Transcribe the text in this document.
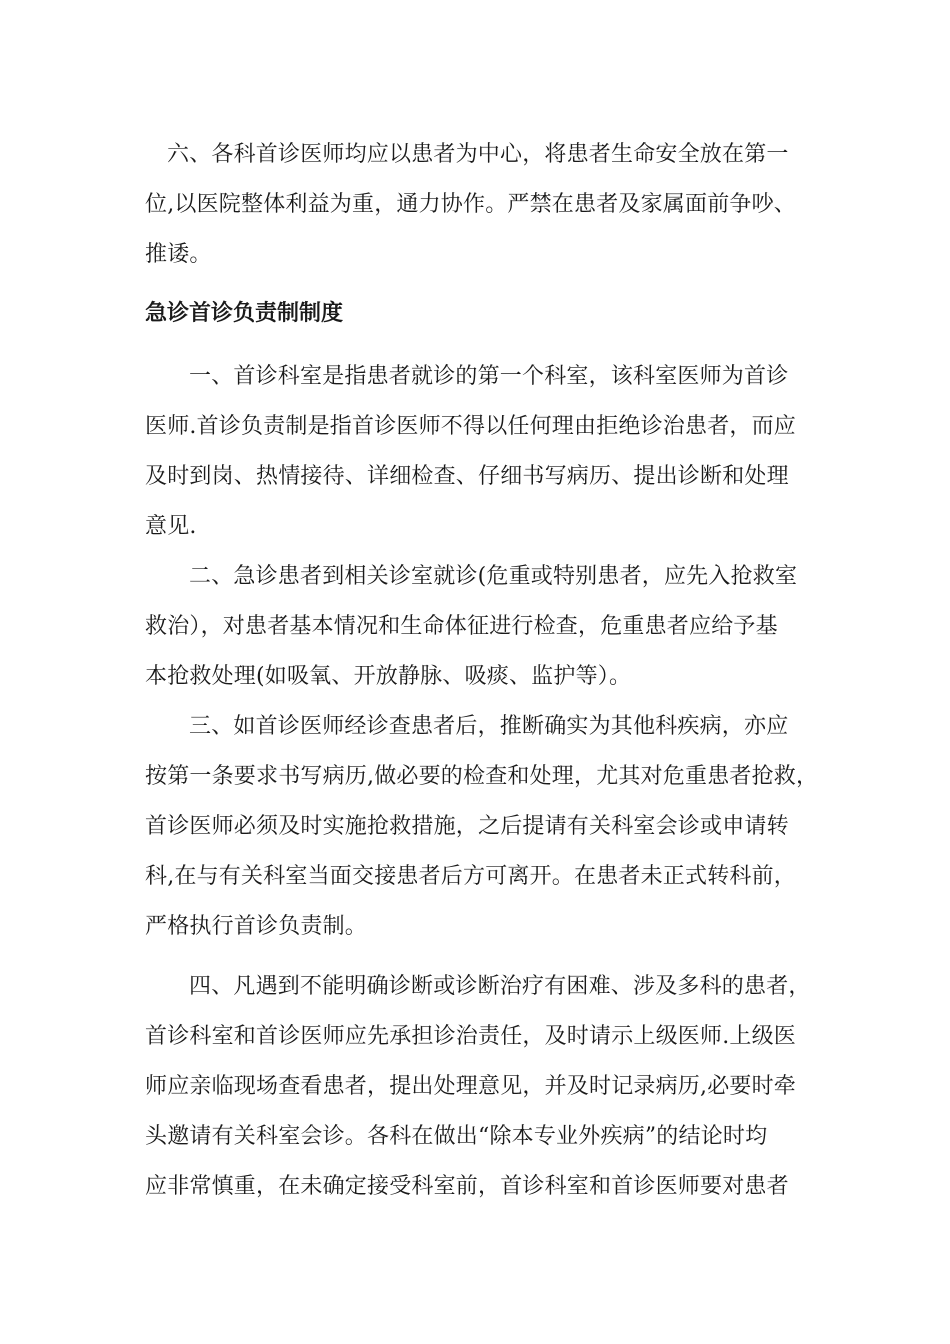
六、各科首诊医师均应以患者为中心，将患者生命安全放在第一
位,以医院整体利益为重，通力协作。严禁在患者及家属面前争吵、
推诿。
急诊首诊负责制制度
一、首诊科室是指患者就诊的第一个科室，该科室医师为首诊
医师.首诊负责制是指首诊医师不得以任何理由拒绝诊治患者，而应
及时到岗、热情接待、详细检查、仔细书写病历、提出诊断和处理
意见.
二、急诊患者到相关诊室就诊(危重或特别患者，应先入抢救室
救治），对患者基本情况和生命体征进行检查，危重患者应给予基
本抢救处理(如吸氧、开放静脉、吸痰、监护等）。
三、如首诊医师经诊查患者后，推断确实为其他科疾病，亦应
按第一条要求书写病历,做必要的检查和处理，尤其对危重患者抢救，
首诊医师必须及时实施抢救措施，之后提请有关科室会诊或申请转
科,在与有关科室当面交接患者后方可离开。在患者未正式转科前，
严格执行首诊负责制。
四、凡遇到不能明确诊断或诊断治疗有困难、涉及多科的患者，
首诊科室和首诊医师应先承担诊治责任，及时请示上级医师.上级医
师应亲临现场查看患者，提出处理意见，并及时记录病历,必要时牵
头邀请有关科室会诊。各科在做出“除本专业外疾病”的结论时均
应非常慎重，在未确定接受科室前，首诊科室和首诊医师要对患者
